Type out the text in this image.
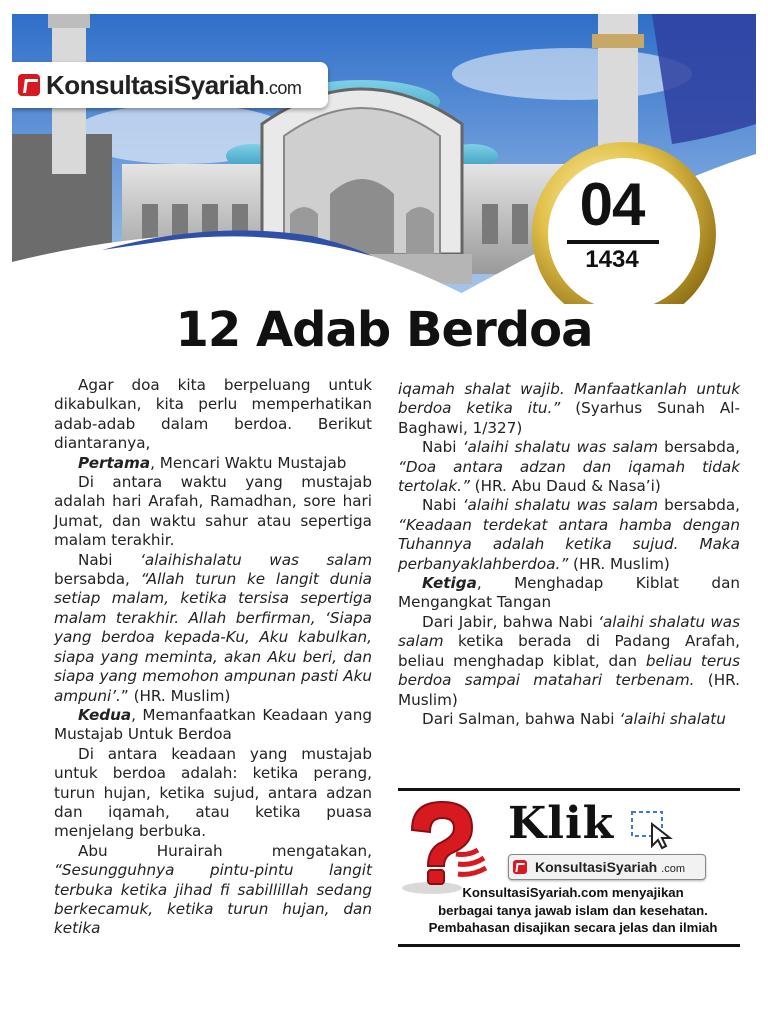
KonsultasiSyariah.com
04
1434
12 Adab Berdoa

Agar doa kita berpeluang untuk dikabulkan, kita perlu memperhatikan adab-adab dalam berdoa. Berikut diantaranya,

Pertama, Mencari Waktu Mustajab

Di antara waktu yang mustajab adalah hari Arafah, Ramadhan, sore hari Jumat, dan waktu sahur atau sepertiga malam terakhir.

Nabi ‘alaihishalatu was salam bersabda, “Allah turun ke langit dunia setiap malam, ketika tersisa sepertiga malam terakhir. Allah berfirman, ‘Siapa yang berdoa kepada-Ku, Aku kabulkan, siapa yang meminta, akan Aku beri, dan siapa yang memohon ampunan pasti Aku ampuni’.” (HR. Muslim)

Kedua, Memanfaatkan Keadaan yang Mustajab Untuk Berdoa

Di antara keadaan yang mustajab untuk berdoa adalah: ketika perang, turun hujan, ketika sujud, antara adzan dan iqamah, atau ketika puasa menjelang berbuka.

Abu Hurairah mengatakan, “Sesungguhnya pintu-pintu langit terbuka ketika jihad fi sabillillah sedang berkecamuk, ketika turun hujan, dan ketika

iqamah shalat wajib. Manfaatkanlah untuk berdoa ketika itu.” (Syarhus Sunah Al-Baghawi, 1/327)

Nabi ‘alaihi shalatu was salam bersabda, “Doa antara adzan dan iqamah tidak tertolak.” (HR. Abu Daud & Nasa’i)

Nabi ‘alaihi shalatu was salam bersabda, “Keadaan terdekat antara hamba dengan Tuhannya adalah ketika sujud. Maka perbanyaklahberdoa.” (HR. Muslim)

Ketiga, Menghadap Kiblat dan Mengangkat Tangan

Dari Jabir, bahwa Nabi ‘alaihi shalatu was salam ketika berada di Padang Arafah, beliau menghadap kiblat, dan beliau terus berdoa sampai matahari terbenam. (HR. Muslim)

Dari Salman, bahwa Nabi ‘alaihi shalatu

Klik
KonsultasiSyariah .com
KonsultasiSyariah.com menyajikan
berbagai tanya jawab islam dan kesehatan.
Pembahasan disajikan secara jelas dan ilmiah
